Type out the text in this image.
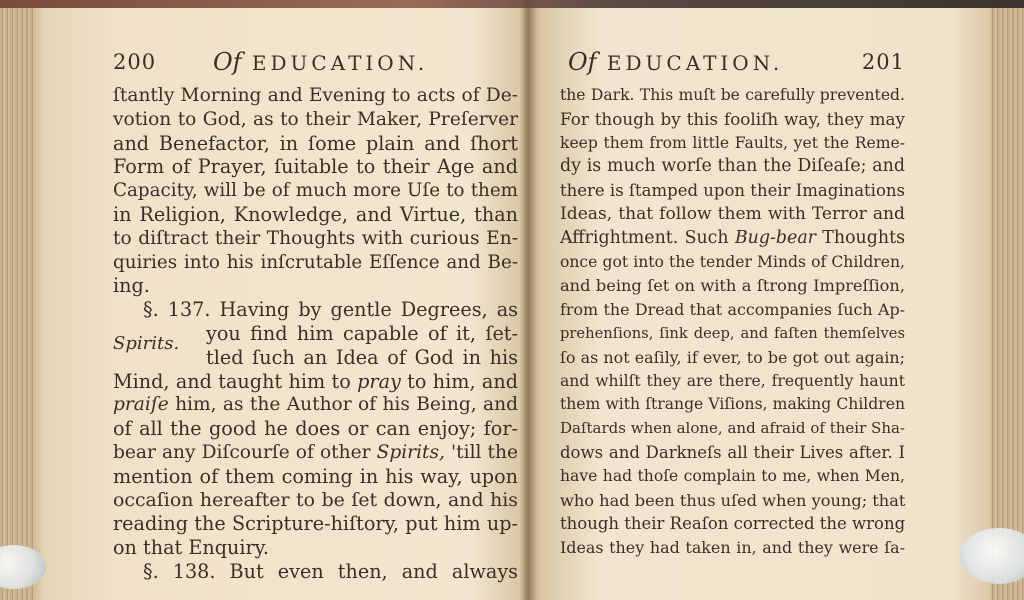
200 Of EDUCATION.
ſtantly Morning and Evening to acts of De-
votion to God, as to their Maker, Preſerver
and Benefactor, in ſome plain and ſhort
Form of Prayer, ſuitable to their Age and
Capacity, will be of much more Uſe to them
in Religion, Knowledge, and Virtue, than
to diſtract their Thoughts with curious En-
quiries into his inſcrutable Eſſence and Be-
ing.
§. 137. Having by gentle Degrees, as
Spirits. you find him capable of it, ſet-
tled ſuch an Idea of God in his
Mind, and taught him to pray to him, and
praiſe him, as the Author of his Being, and
of all the good he does or can enjoy; for-
bear any Diſcourſe of other Spirits, 'till the
mention of them coming in his way, upon
occaſion hereafter to be ſet down, and his
reading the Scripture-hiſtory, put him up-
on that Enquiry.
§. 138. But even then, and always
Of EDUCATION.	201
the Dark. This muſt be carefully prevented.
For though by this fooliſh way, they may
keep them from little Faults, yet the Reme-
dy is much worſe than the Diſeaſe; and
there is ſtamped upon their Imaginations
Ideas, that follow them with Terror and
Affrightment. Such Bug-bear Thoughts
once got into the tender Minds of Children,
and being ſet on with a ſtrong Impreſſion,
from the Dread that accompanies ſuch Ap-
prehenſions, ſink deep, and faſten themſelves
ſo as not eaſily, if ever, to be got out again;
and whilſt they are there, frequently haunt
them with ſtrange Viſions, making Children
Daſtards when alone, and afraid of their Sha-
dows and Darkneſs all their Lives after. I
have had thoſe complain to me, when Men,
who had been thus uſed when young; that
though their Reaſon corrected the wrong
Ideas they had taken in, and they were ſa-
